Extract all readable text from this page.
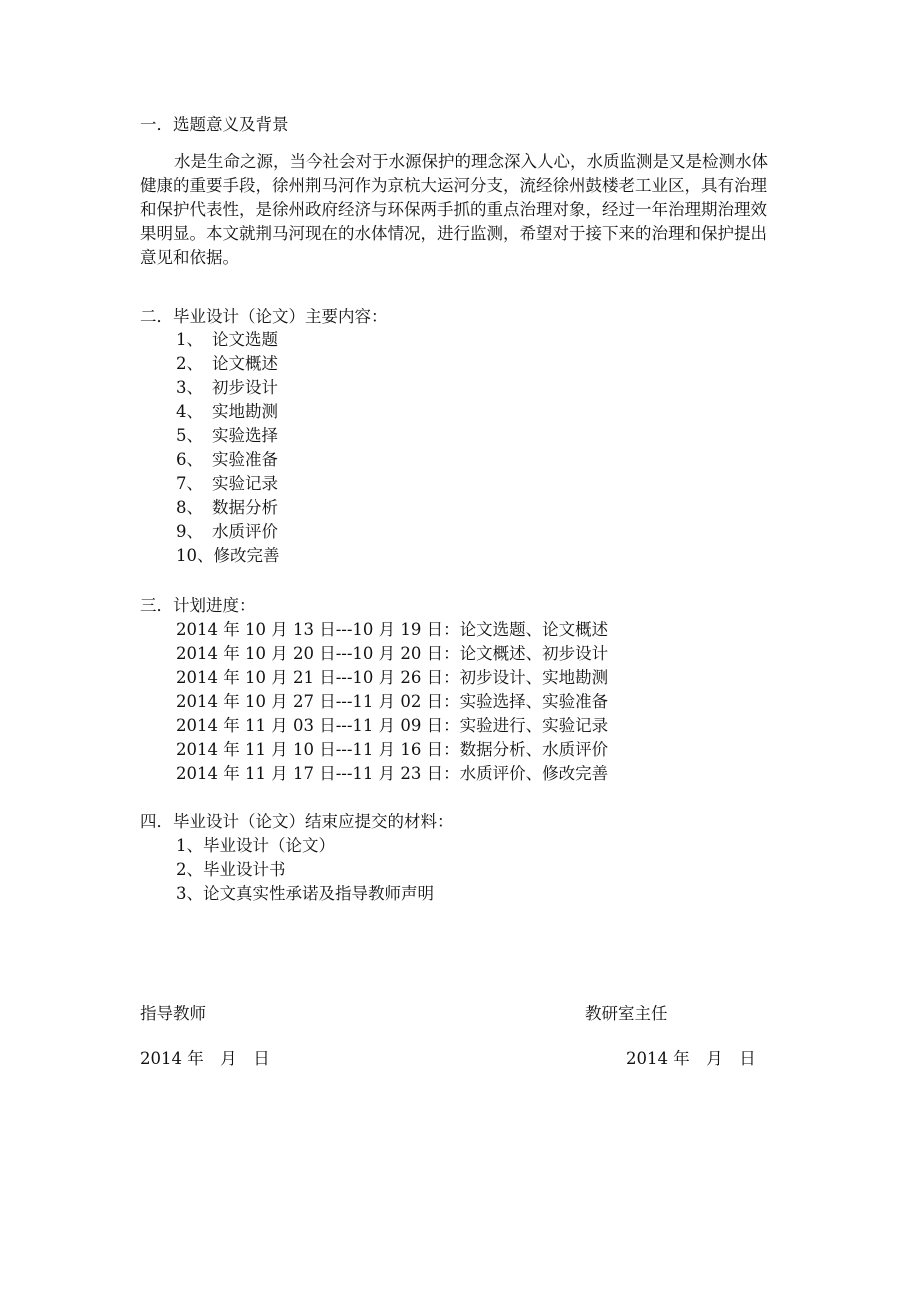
一．选题意义及背景
水是生命之源，当今社会对于水源保护的理念深入人心，水质监测是又是检测水体健康的重要手段，徐州荆马河作为京杭大运河分支，流经徐州鼓楼老工业区，具有治理和保护代表性，是徐州政府经济与环保两手抓的重点治理对象，经过一年治理期治理效果明显。本文就荆马河现在的水体情况，进行监测，希望对于接下来的治理和保护提出意见和依据。
二．毕业设计（论文）主要内容：
1、 论文选题
2、 论文概述
3、 初步设计
4、 实地勘测
5、 实验选择
6、 实验准备
7、 实验记录
8、 数据分析
9、 水质评价
10、修改完善
三．计划进度：
2014 年 10 月 13 日---10 月 19 日：论文选题、论文概述
2014 年 10 月 20 日---10 月 20 日：论文概述、初步设计
2014 年 10 月 21 日---10 月 26 日：初步设计、实地勘测
2014 年 10 月 27 日---11 月 02 日：实验选择、实验准备
2014 年 11 月 03 日---11 月 09 日：实验进行、实验记录
2014 年 11 月 10 日---11 月 16 日：数据分析、水质评价
2014 年 11 月 17 日---11 月 23 日：水质评价、修改完善
四．毕业设计（论文）结束应提交的材料：
1、毕业设计（论文）
2、毕业设计书
3、论文真实性承诺及指导教师声明
指导教师	教研室主任
2014 年　月　日	2014 年　月　日
